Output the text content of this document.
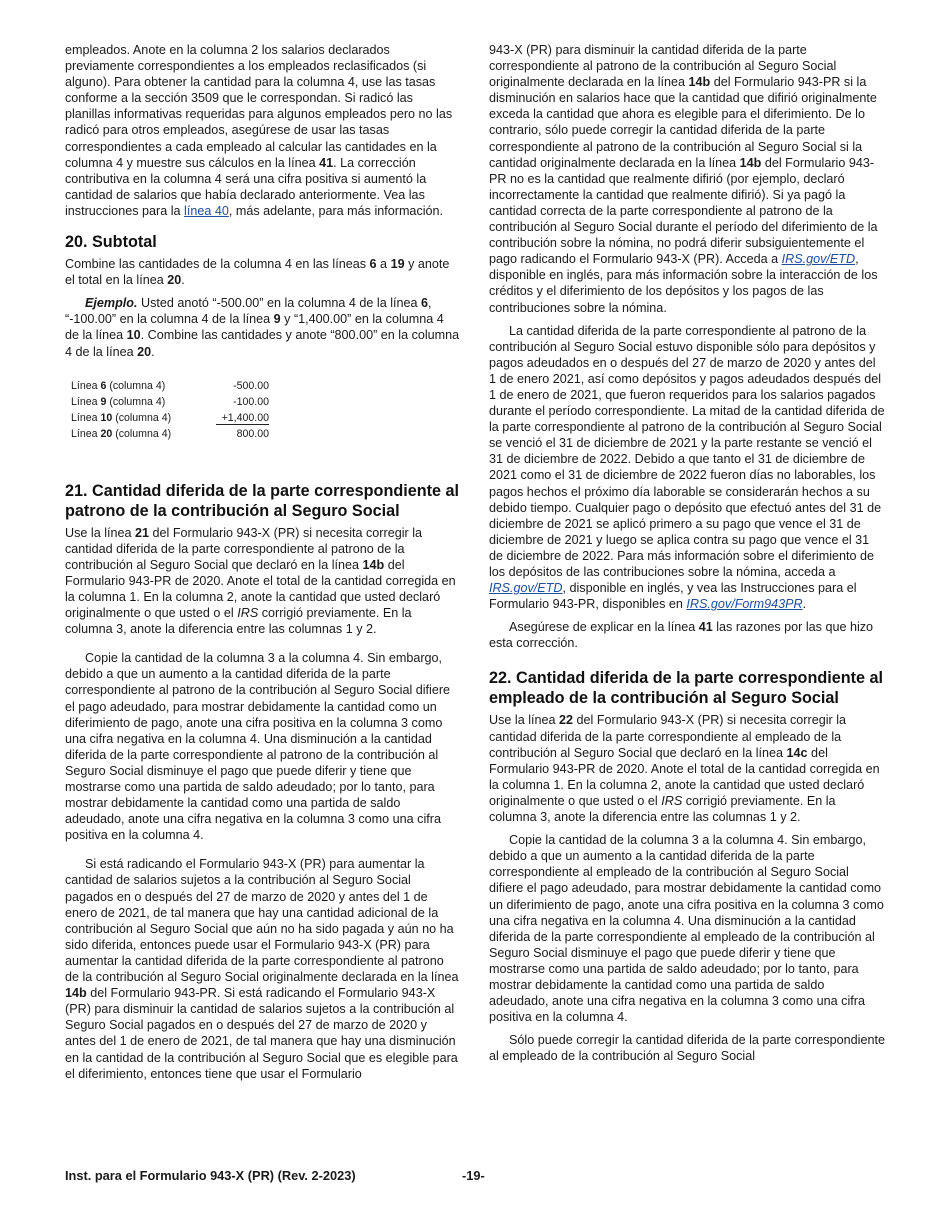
empleados. Anote en la columna 2 los salarios declarados previamente correspondientes a los empleados reclasificados (si alguno). Para obtener la cantidad para la columna 4, use las tasas conforme a la sección 3509 que le correspondan. Si radicó las planillas informativas requeridas para algunos empleados pero no las radicó para otros empleados, asegúrese de usar las tasas correspondientes a cada empleado al calcular las cantidades en la columna 4 y muestre sus cálculos en la línea 41. La corrección contributiva en la columna 4 será una cifra positiva si aumentó la cantidad de salarios que había declarado anteriormente. Vea las instrucciones para la línea 40, más adelante, para más información.

20. Subtotal

Combine las cantidades de la columna 4 en las líneas 6 a 19 y anote el total en la línea 20.

Ejemplo. Usted anotó “-500.00” en la columna 4 de la línea 6, “-100.00” en la columna 4 de la línea 9 y “1,400.00” en la columna 4 de la línea 10. Combine las cantidades y anote “800.00” en la columna 4 de la línea 20.

Línea 6 (columna 4)	-500.00
Línea 9 (columna 4)	-100.00
Línea 10 (columna 4)	+1,400.00
Línea 20 (columna 4)	800.00
21. Cantidad diferida de la parte correspondiente al patrono de la contribución al Seguro Social

Use la línea 21 del Formulario 943-X (PR) si necesita corregir la cantidad diferida de la parte correspondiente al patrono de la contribución al Seguro Social que declaró en la línea 14b del Formulario 943-PR de 2020. Anote el total de la cantidad corregida en la columna 1. En la columna 2, anote la cantidad que usted declaró originalmente o que usted o el IRS corrigió previamente. En la columna 3, anote la diferencia entre las columnas 1 y 2.

Copie la cantidad de la columna 3 a la columna 4. Sin embargo, debido a que un aumento a la cantidad diferida de la parte correspondiente al patrono de la contribución al Seguro Social difiere el pago adeudado, para mostrar debidamente la cantidad como un diferimiento de pago, anote una cifra positiva en la columna 3 como una cifra negativa en la columna 4. Una disminución a la cantidad diferida de la parte correspondiente al patrono de la contribución al Seguro Social disminuye el pago que puede diferir y tiene que mostrarse como una partida de saldo adeudado; por lo tanto, para mostrar debidamente la cantidad como una partida de saldo adeudado, anote una cifra negativa en la columna 3 como una cifra positiva en la columna 4.

Si está radicando el Formulario 943-X (PR) para aumentar la cantidad de salarios sujetos a la contribución al Seguro Social pagados en o después del 27 de marzo de 2020 y antes del 1 de enero de 2021, de tal manera que hay una cantidad adicional de la contribución al Seguro Social que aún no ha sido pagada y aún no ha sido diferida, entonces puede usar el Formulario 943-X (PR) para aumentar la cantidad diferida de la parte correspondiente al patrono de la contribución al Seguro Social originalmente declarada en la línea 14b del Formulario 943-PR. Si está radicando el Formulario 943-X (PR) para disminuir la cantidad de salarios sujetos a la contribución al Seguro Social pagados en o después del 27 de marzo de 2020 y antes del 1 de enero de 2021, de tal manera que hay una disminución en la cantidad de la contribución al Seguro Social que es elegible para el diferimiento, entonces tiene que usar el Formulario

943-X (PR) para disminuir la cantidad diferida de la parte correspondiente al patrono de la contribución al Seguro Social originalmente declarada en la línea 14b del Formulario 943-PR si la disminución en salarios hace que la cantidad que difirió originalmente exceda la cantidad que ahora es elegible para el diferimiento. De lo contrario, sólo puede corregir la cantidad diferida de la parte correspondiente al patrono de la contribución al Seguro Social si la cantidad originalmente declarada en la línea 14b del Formulario 943-PR no es la cantidad que realmente difirió (por ejemplo, declaró incorrectamente la cantidad que realmente difirió). Si ya pagó la cantidad correcta de la parte correspondiente al patrono de la contribución al Seguro Social durante el período del diferimiento de la contribución sobre la nómina, no podrá diferir subsiguientemente el pago radicando el Formulario 943-X (PR). Acceda a IRS.gov/ETD, disponible en inglés, para más información sobre la interacción de los créditos y el diferimiento de los depósitos y los pagos de las contribuciones sobre la nómina.

La cantidad diferida de la parte correspondiente al patrono de la contribución al Seguro Social estuvo disponible sólo para depósitos y pagos adeudados en o después del 27 de marzo de 2020 y antes del 1 de enero 2021, así como depósitos y pagos adeudados después del 1 de enero de 2021, que fueron requeridos para los salarios pagados durante el período correspondiente. La mitad de la cantidad diferida de la parte correspondiente al patrono de la contribución al Seguro Social se venció el 31 de diciembre de 2021 y la parte restante se venció el 31 de diciembre de 2022. Debido a que tanto el 31 de diciembre de 2021 como el 31 de diciembre de 2022 fueron días no laborables, los pagos hechos el próximo día laborable se considerarán hechos a su debido tiempo. Cualquier pago o depósito que efectuó antes del 31 de diciembre de 2021 se aplicó primero a su pago que vence el 31 de diciembre de 2021 y luego se aplica contra su pago que vence el 31 de diciembre de 2022. Para más información sobre el diferimiento de los depósitos de las contribuciones sobre la nómina, acceda a IRS.gov/ETD, disponible en inglés, y vea las Instrucciones para el Formulario 943-PR, disponibles en IRS.gov/Form943PR.

Asegúrese de explicar en la línea 41 las razones por las que hizo esta corrección.

22. Cantidad diferida de la parte correspondiente al empleado de la contribución al Seguro Social

Use la línea 22 del Formulario 943-X (PR) si necesita corregir la cantidad diferida de la parte correspondiente al empleado de la contribución al Seguro Social que declaró en la línea 14c del Formulario 943-PR de 2020. Anote el total de la cantidad corregida en la columna 1. En la columna 2, anote la cantidad que usted declaró originalmente o que usted o el IRS corrigió previamente. En la columna 3, anote la diferencia entre las columnas 1 y 2.

Copie la cantidad de la columna 3 a la columna 4. Sin embargo, debido a que un aumento a la cantidad diferida de la parte correspondiente al empleado de la contribución al Seguro Social difiere el pago adeudado, para mostrar debidamente la cantidad como un diferimiento de pago, anote una cifra positiva en la columna 3 como una cifra negativa en la columna 4. Una disminución a la cantidad diferida de la parte correspondiente al empleado de la contribución al Seguro Social disminuye el pago que puede diferir y tiene que mostrarse como una partida de saldo adeudado; por lo tanto, para mostrar debidamente la cantidad como una partida de saldo adeudado, anote una cifra negativa en la columna 3 como una cifra positiva en la columna 4.

Sólo puede corregir la cantidad diferida de la parte correspondiente al empleado de la contribución al Seguro Social

Inst. para el Formulario 943-X (PR) (Rev. 2-2023)	-19-
